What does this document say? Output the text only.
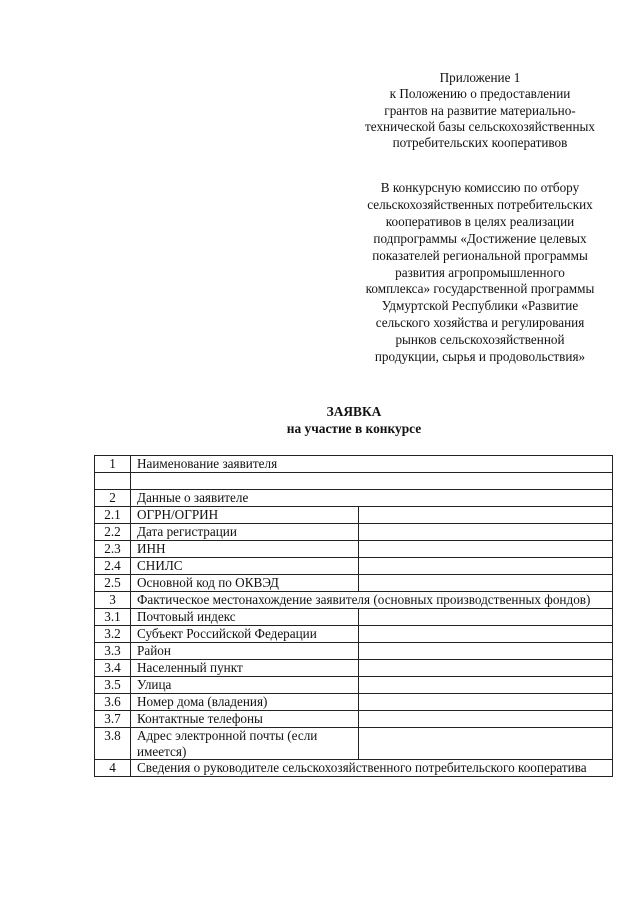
Приложение 1
к Положению о предоставлении
грантов на развитие материально-
технической базы сельскохозяйственных
потребительских кооперативов
В конкурсную комиссию по отбору
сельскохозяйственных потребительских
кооперативов в целях реализации
подпрограммы «Достижение целевых
показателей региональной программы
развития агропромышленного
комплекса» государственной программы
Удмуртской Республики «Развитие
сельского хозяйства и регулирования
рынков сельскохозяйственной
продукции, сырья и продовольствия»
ЗАЯВКА
на участие в конкурсе
1	Наименование заявителя	

2	Данные о заявителе	
2.1	ОГРН/ОГРИН	
2.2	Дата регистрации	
2.3	ИНН	
2.4	СНИЛС	
2.5	Основной код по ОКВЭД	
3	Фактическое местонахождение заявителя (основных производственных фондов)	
3.1	Почтовый индекс	
3.2	Субъект Российской Федерации	
3.3	Район	
3.4	Населенный пункт	
3.5	Улица	
3.6	Номер дома (владения)	
3.7	Контактные телефоны	
3.8	Адрес электронной почты (если имеется)	
4	Сведения о руководителе сельскохозяйственного потребительского кооператива	
